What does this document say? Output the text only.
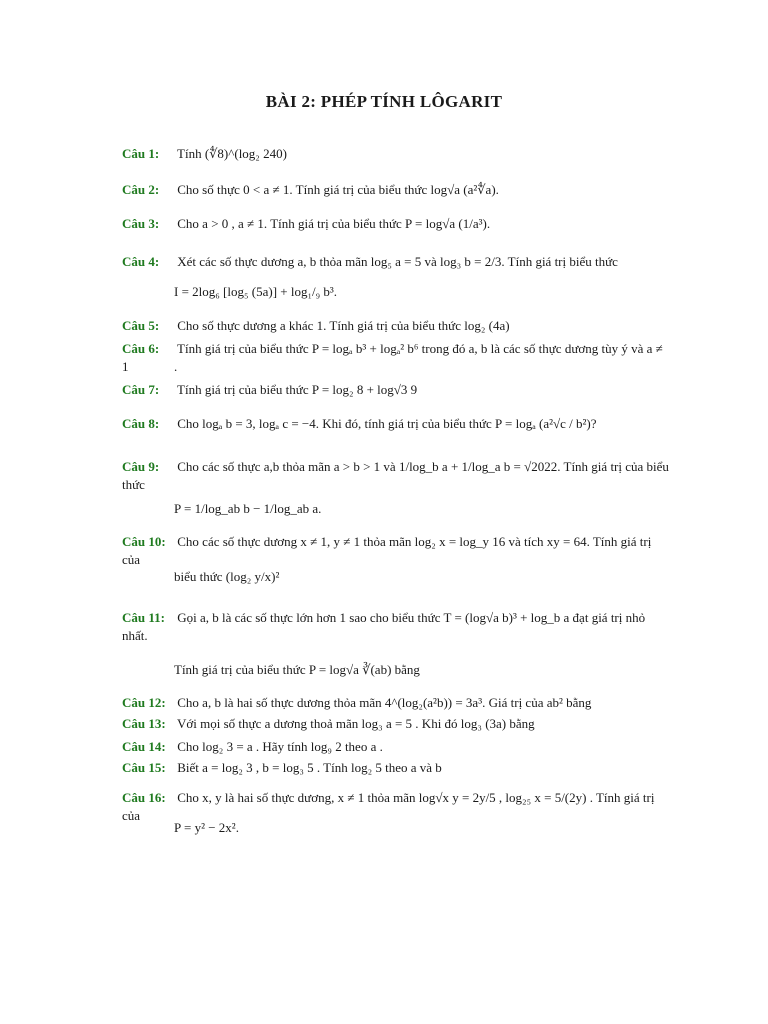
BÀI 2: PHÉP TÍNH LÔGARIT
Câu 1: Tính (∜8)^(log₂ 240)
Câu 2: Cho số thực 0 < a ≠ 1. Tính giá trị của biểu thức log√a (a²∜a).
Câu 3: Cho a > 0 , a ≠ 1. Tính giá trị của biểu thức P = log√a (1/a³).
Câu 4: Xét các số thực dương a, b thỏa mãn log₅ a = 5 và log₃ b = 2/3. Tính giá trị biểu thức
I = 2log₆ [log₅ (5a)] + log₁/₉ b³.
Câu 5: Cho số thực dương a khác 1. Tính giá trị của biểu thức log₂ (4a)
Câu 6: Tính giá trị của biểu thức P = logₐ b³ + logₐ² b⁶ trong đó a, b là các số thực dương tùy ý và a ≠ 1	.
Câu 7: Tính giá trị của biểu thức P = log₂ 8 + log√3 9
Câu 8: Cho logₐ b = 3, logₐ c = −4. Khi đó, tính giá trị của biểu thức P = logₐ (a²√c / b²)?
Câu 9: Cho các số thực a,b thỏa mãn a > b > 1 và 1/log_b a + 1/log_a b = √2022. Tính giá trị của biểu thức
P = 1/log_ab b − 1/log_ab a.
Câu 10: Cho các số thực dương x ≠ 1, y ≠ 1 thỏa mãn log₂ x = log_y 16 và tích xy = 64. Tính giá trị của
biểu thức (log₂ y/x)²
Câu 11: Gọi a, b là các số thực lớn hơn 1 sao cho biểu thức T = (log√a b)³ + log_b a đạt giá trị nhỏ nhất.
Tính giá trị của biểu thức P = log√a ∛(ab) bằng
Câu 12: Cho a, b là hai số thực dương thỏa mãn 4^(log₂(a²b)) = 3a³. Giá trị của ab² bằng
Câu 13: Với mọi số thực a dương thoả mãn log₃ a = 5 . Khi đó log₃ (3a) bằng
Câu 14: Cho log₂ 3 = a . Hãy tính log₉ 2 theo a .
Câu 15: Biết a = log₂ 3 , b = log₃ 5 . Tính log₂ 5 theo a và b
Câu 16: Cho x, y là hai số thực dương, x ≠ 1 thỏa mãn log√x y = 2y/5 , log₂₅ x = 5/(2y) . Tính giá trị của
P = y² − 2x².
